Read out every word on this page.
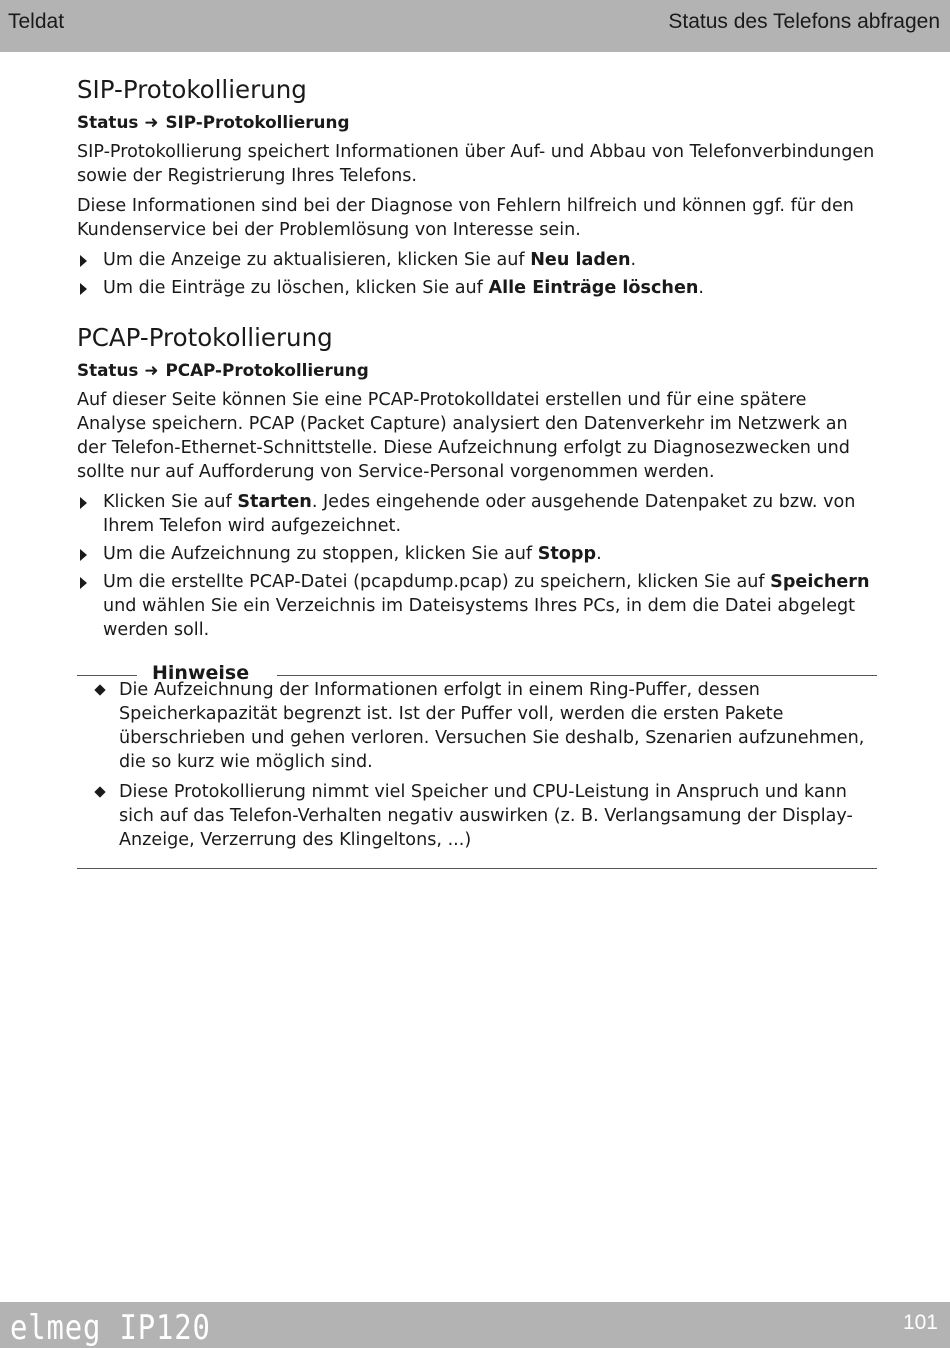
Teldat	Status des Telefons abfragen
SIP-Protokollierung
Status ➜ SIP-Protokollierung

SIP-Protokollierung speichert Informationen über Auf- und Abbau von Telefonverbindungen sowie der Registrierung Ihres Telefons.

Diese Informationen sind bei der Diagnose von Fehlern hilfreich und können ggf. für den Kundenservice bei der Problemlösung von Interesse sein.

Um die Anzeige zu aktualisieren, klicken Sie auf Neu laden.
Um die Einträge zu löschen, klicken Sie auf Alle Einträge löschen.
PCAP-Protokollierung
Status ➜ PCAP-Protokollierung

Auf dieser Seite können Sie eine PCAP-Protokolldatei erstellen und für eine spätere Analyse speichern. PCAP (Packet Capture) analysiert den Datenverkehr im Netzwerk an der Telefon-Ethernet-Schnittstelle. Diese Aufzeichnung erfolgt zu Diagnosezwecken und sollte nur auf Aufforderung von Service-Personal vorgenommen werden.

Klicken Sie auf Starten. Jedes eingehende oder ausgehende Datenpaket zu bzw. von Ihrem Telefon wird aufgezeichnet.
Um die Aufzeichnung zu stoppen, klicken Sie auf Stopp.
Um die erstellte PCAP-Datei (pcapdump.pcap) zu speichern, klicken Sie auf Speichern und wählen Sie ein Verzeichnis im Dateisystems Ihres PCs, in dem die Datei abgelegt werden soll.
Hinweise
Die Aufzeichnung der Informationen erfolgt in einem Ring-Puffer, dessen Speicherkapazität begrenzt ist. Ist der Puffer voll, werden die ersten Pakete überschrieben und gehen verloren. Versuchen Sie deshalb, Szenarien aufzunehmen, die so kurz wie möglich sind.
Diese Protokollierung nimmt viel Speicher und CPU-Leistung in Anspruch und kann sich auf das Telefon-Verhalten negativ auswirken (z. B. Verlangsamung der Display-Anzeige, Verzerrung des Klingeltons, ...)
elmeg IP120	101
